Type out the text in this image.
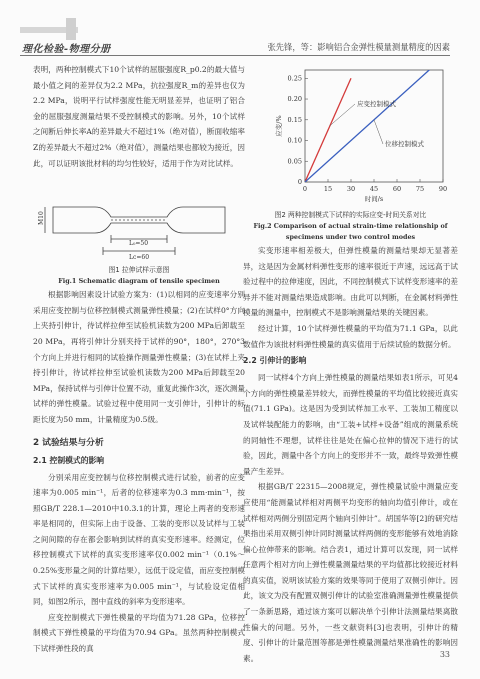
理化检验-物理分册	张先锋，等：影响铝合金弹性模量测量精度的因素

表明，两种控制模式下10个试样的屈服强度R_p0.2的最大值与最小值之间的差异仅为2.2 MPa，抗拉强度R_m的差异也仅为2.2 MPa，说明平行试样强度性能无明显差异，也证明了铝合金的屈服强度测量结果不受控制模式的影响。另外，10个试样之间断后伸长率A的差异最大不超过1%（绝对值），断面收缩率Z的差异最大不超过2%（绝对值），测量结果也都较为接近，因此，可以证明该批材料的均匀性较好，适用于作为对比试样。

M10
L₀=50
Lc=60
图1 拉伸试样示意图
Fig.1 Schematic diagram of tensile specimen

根据影响因素设计试验方案为：(1)以相同的应变速率分别采用应变控制与位移控制模式测量弹性模量；(2)在试样0°方向上夹持引伸计，待试样拉伸至试验机读数为200 MPa后卸载至20 MPa，再将引伸计分别夹持于试样的90°，180°，270°3个方向上并进行相同的试验操作测量弹性模量；(3)在试样上夹持引伸计，待试样拉伸至试验机读数为200 MPa后卸载至20 MPa，保持试样与引伸计位置不动，重复此操作3次，逐次测量试样的弹性模量。试验过程中使用同一支引伸计，引伸计的标距长度为50 mm，计量精度为0.5级。

2 试验结果与分析
2.1 控制模式的影响

分别采用应变控制与位移控制模式进行试验，前者的应变速率为0.005 min⁻¹，后者的位移速率为0.3 mm·min⁻¹，按照GB/T 228.1—2010中10.3.1的计算，理论上两者的变形速率是相同的，但实际上由于设备、工装的变形以及试样与工装之间间隙的存在都会影响到试样的真实变形速率。经测定，位移控制模式下试样的真实变形速率仅0.002 min⁻¹（0.1%～0.25%变形量之间的计算结果），远低于设定值，而应变控制模式下试样的真实变形速率为0.005 min⁻¹，与试验设定值相同，如图2所示，图中直线的斜率为变形速率。

应变控制模式下弹性模量的平均值为71.28 GPa，位移控制模式下弹性模量的平均值为70.94 GPa。虽然两种控制模式下试样弹性段的真

0	15 30 45 60 75 90
0
0.05
0.10
0.15
0.20
0.25
时间/s
应变/%
应变控制模式
位移控制模式
图2 两种控制模式下试样的实际应变-时间关系对比
Fig.2 Comparison of actual strain-time relationship of specimens under two control modes

实变形速率相差极大，但弹性模量的测量结果却无显著差异，这是因为金属材料弹性变形的速率很近于声速，远远高于试验过程中的拉伸速度，因此，不同控制模式下试样变形速率的差异并不能对测量结果造成影响。由此可以判断，在金属材料弹性模量的测量中，控制模式不是影响测量结果的关键因素。

经过计算，10个试样弹性模量的平均值为71.1 GPa，以此数值作为该批材料弹性模量的真实值用于后续试验的数据分析。

2.2 引伸计的影响

同一试样4个方向上弹性模量的测量结果如表1所示，可见4个方向的弹性模量差异较大，而弹性模量的平均值比较接近真实值(71.1 GPa)。这是因为受到试样加工水平、工装加工精度以及试样装配能力的影响，由“工装+试样+设备”组成的测量系统的同轴性不理想，试样往往是处在偏心拉伸的情况下进行的试验，因此，测量中各个方向上的变形并不一致，最终导致弹性模量产生差异。

根据GB/T 22315—2008规定，弹性模量试验中测量应变应使用“能测量试样相对两侧平均变形的轴向均值引伸计，或在试样相对两侧分别固定两个轴向引伸计”。胡国华等[2]的研究结果指出采用双侧引伸计同时测量试样两侧的变形能够有效地消除偏心拉伸带来的影响。结合表1，通过计算可以发现，同一试样任意两个相对方向上弹性模量测量结果的平均值都比较接近材料的真实值，说明该试验方案的效果等同于使用了双侧引伸计。因此，该文为没有配置双侧引伸计的试验室准确测量弹性模量提供了一条新思路，通过该方案可以解决单个引伸计法测量结果离散性偏大的问题。另外，一些文献资料[3]也表明，引伸计的精度、引伸计的计量范围等都是弹性模量测量结果准确性的影响因素。	33
